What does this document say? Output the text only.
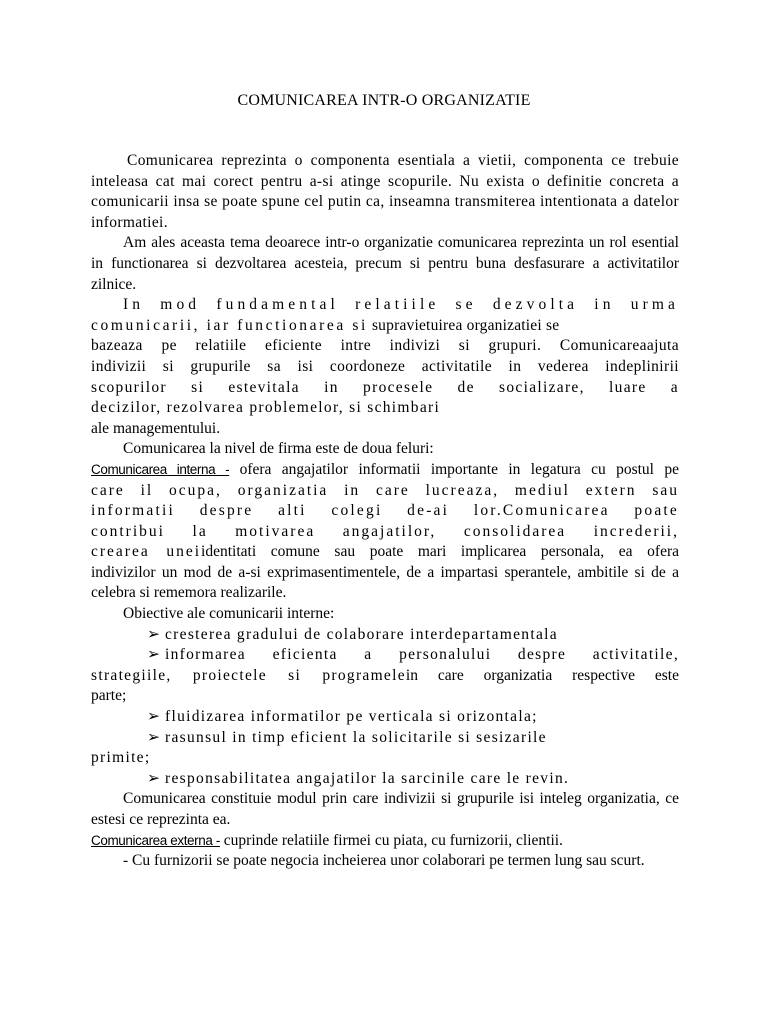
COMUNICAREA INTR-O ORGANIZATIE

Comunicarea reprezinta o componenta esentiala a vietii, componenta ce trebuie inteleasa cat mai corect pentru a-si atinge scopurile. Nu exista o definitie concreta a comunicarii insa se poate spune cel putin ca, inseamna transmiterea intentionata a datelor informatiei.

Am ales aceasta tema deoarece intr-o organizatie comunicarea reprezinta un rol esential in functionarea si dezvoltarea acesteia, precum si pentru buna desfasurare a activitatilor zilnice.

In mod fundamental relatiile se dezvolta in urma

comunicarii, iar functionarea si supravietuirea organizatiei se

bazeaza pe relatiile eficiente intre indivizi si grupuri. Comunicareaajuta

indivizii si grupurile sa isi coordoneze activitatile in vederea indeplinirii

scopurilor si estevitala in procesele de socializare, luare a

decizilor, rezolvarea problemelor, si schimbari

ale managementului.

Comunicarea la nivel de firma este de doua feluri:

Comunicarea interna - ofera angajatilor informatii importante in legatura cu postul pe

care il ocupa, organizatia in care lucreaza, mediul extern sau

informatii despre alti colegi de-ai lor.Comunicarea poate

contribui la motivarea angajatilor, consolidarea increderii,

crearea uneiidentitati comune sau poate mari implicarea personala, ea ofera

indivizilor un mod de a-si exprimasentimentele, de a impartasi sperantele, ambitile si de a celebra si rememora realizarile.

Obiective ale comunicarii interne:

➢ cresterea gradului de colaborare interdepartamentala

➢ informarea eficienta a personalului despre activitatile,

strategiile, proiectele si programelein care organizatia respective este

parte;

➢ fluidizarea informatilor pe verticala si orizontala;

➢ rasunsul in timp eficient la solicitarile si sesizarile

primite;

➢ responsabilitatea angajatilor la sarcinile care le revin.

Comunicarea constituie modul prin care indivizii si grupurile isi inteleg organizatia, ce estesi ce reprezinta ea.

Comunicarea externa - cuprinde relatiile firmei cu piata, cu furnizorii, clientii.

- Cu furnizorii se poate negocia incheierea unor colaborari pe termen lung sau scurt.
